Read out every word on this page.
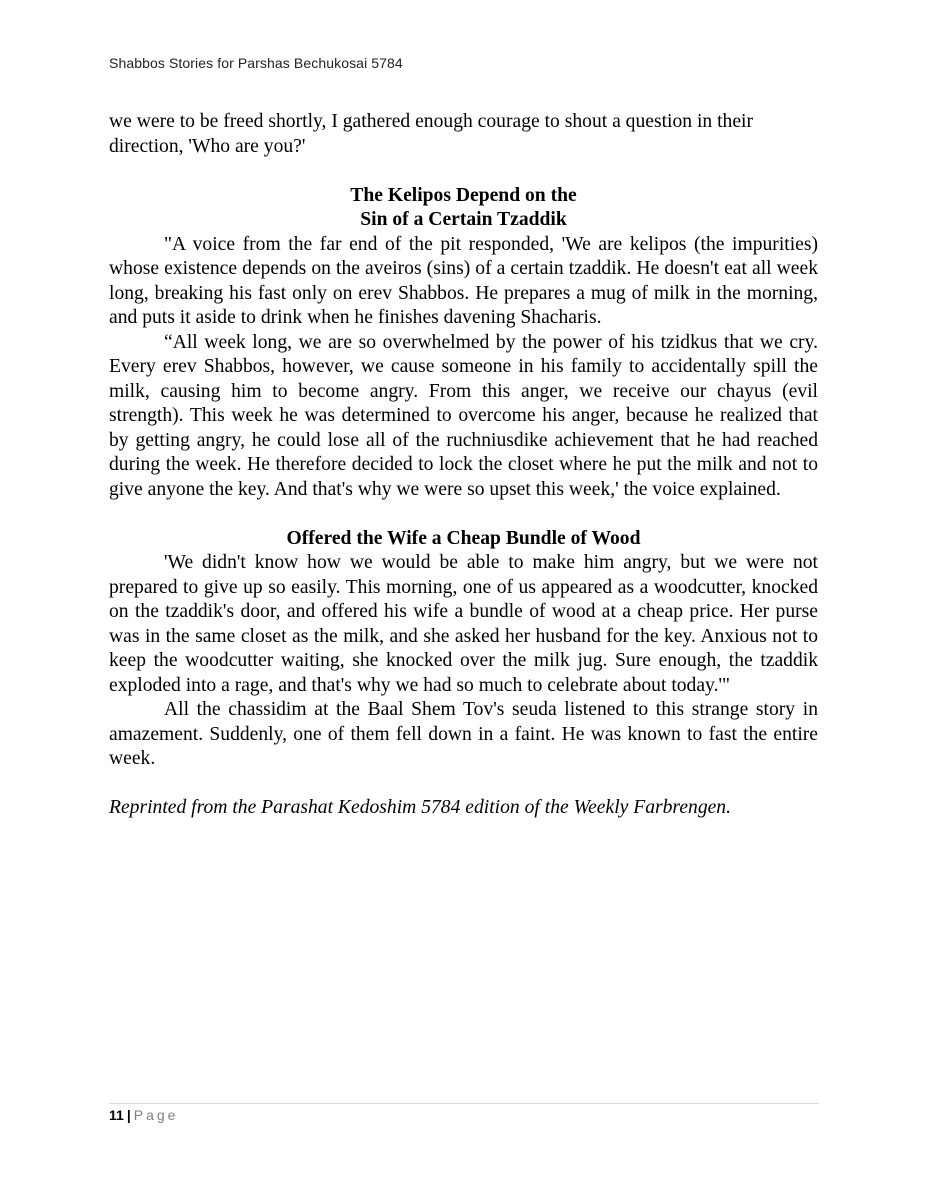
Shabbos Stories for Parshas Bechukosai 5784

we were to be freed shortly, I gathered enough courage to shout a question in their direction, 'Who are you?'

The Kelipos Depend on the

Sin of a Certain Tzaddik

"A voice from the far end of the pit responded, 'We are kelipos (the impurities) whose existence depends on the aveiros (sins) of a certain tzaddik. He doesn't eat all week long, breaking his fast only on erev Shabbos. He prepares a mug of milk in the morning, and puts it aside to drink when he finishes davening Shacharis.

“All week long, we are so overwhelmed by the power of his tzidkus that we cry. Every erev Shabbos, however, we cause someone in his family to accidentally spill the milk, causing him to become angry. From this anger, we receive our chayus (evil strength). This week he was determined to overcome his anger, because he realized that by getting angry, he could lose all of the ruchniusdike achievement that he had reached during the week. He therefore decided to lock the closet where he put the milk and not to give anyone the key. And that's why we were so upset this week,' the voice explained.

Offered the Wife a Cheap Bundle of Wood

'We didn't know how we would be able to make him angry, but we were not prepared to give up so easily. This morning, one of us appeared as a woodcutter, knocked on the tzaddik's door, and offered his wife a bundle of wood at a cheap price. Her purse was in the same closet as the milk, and she asked her husband for the key. Anxious not to keep the woodcutter waiting, she knocked over the milk jug. Sure enough, the tzaddik exploded into a rage, and that's why we had so much to celebrate about today.'"

All the chassidim at the Baal Shem Tov's seuda listened to this strange story in amazement. Suddenly, one of them fell down in a faint. He was known to fast the entire week.

Reprinted from the Parashat Kedoshim 5784 edition of the Weekly Farbrengen.

11 | Page
